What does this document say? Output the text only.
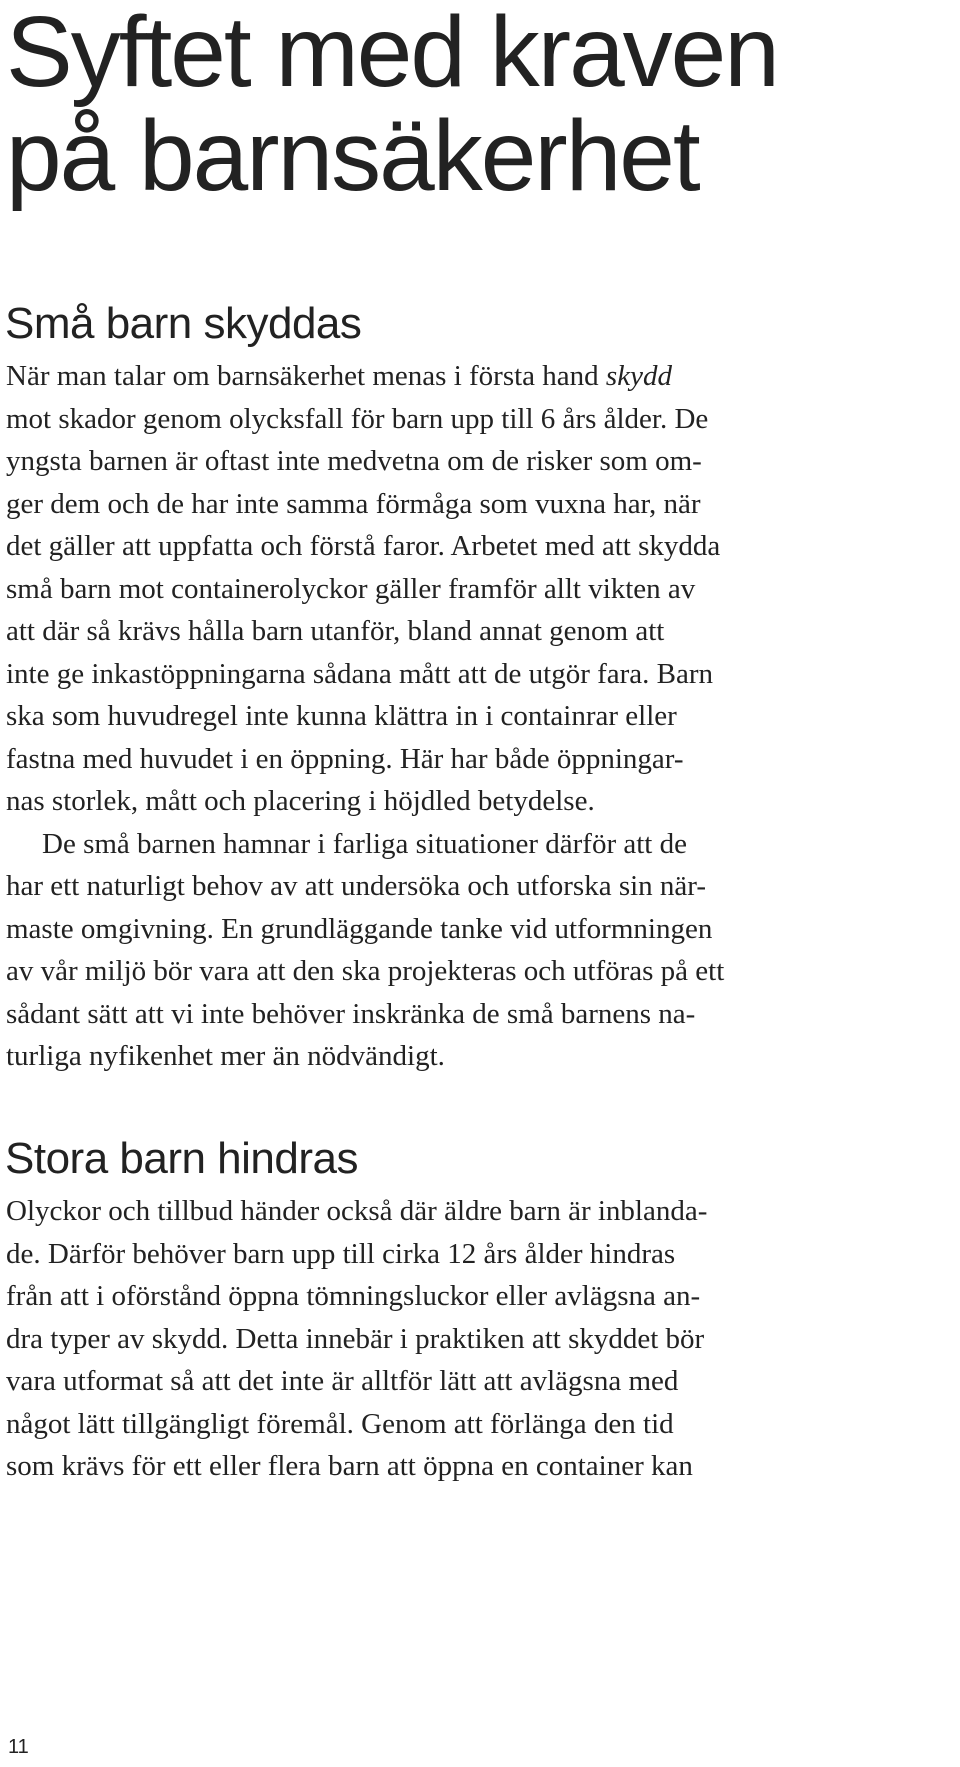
Syftet med kraven
på barnsäkerhet
Små barn skyddas
När man talar om barnsäkerhet menas i första hand skydd
mot skador genom olycksfall för barn upp till 6 års ålder. De
yngsta barnen är oftast inte medvetna om de risker som om-
ger dem och de har inte samma förmåga som vuxna har, när
det gäller att uppfatta och förstå faror. Arbetet med att skydda
små barn mot containerolyckor gäller framför allt vikten av
att där så krävs hålla barn utanför, bland annat genom att
inte ge inkastöppningarna sådana mått att de utgör fara. Barn
ska som huvudregel inte kunna klättra in i containrar eller
fastna med huvudet i en öppning. Här har både öppningar-
nas storlek, mått och placering i höjdled betydelse.
De små barnen hamnar i farliga situationer därför att de
har ett naturligt behov av att undersöka och utforska sin när-
maste omgivning. En grundläggande tanke vid utformningen
av vår miljö bör vara att den ska projekteras och utföras på ett
sådant sätt att vi inte behöver inskränka de små barnens na-
turliga nyfikenhet mer än nödvändigt.
Stora barn hindras
Olyckor och tillbud händer också där äldre barn är inblanda-
de. Därför behöver barn upp till cirka 12 års ålder hindras
från att i oförstånd öppna tömningsluckor eller avlägsna an-
dra typer av skydd. Detta innebär i praktiken att skyddet bör
vara utformat så att det inte är alltför lätt att avlägsna med
något lätt tillgängligt föremål. Genom att förlänga den tid
som krävs för ett eller flera barn att öppna en container kan

11
